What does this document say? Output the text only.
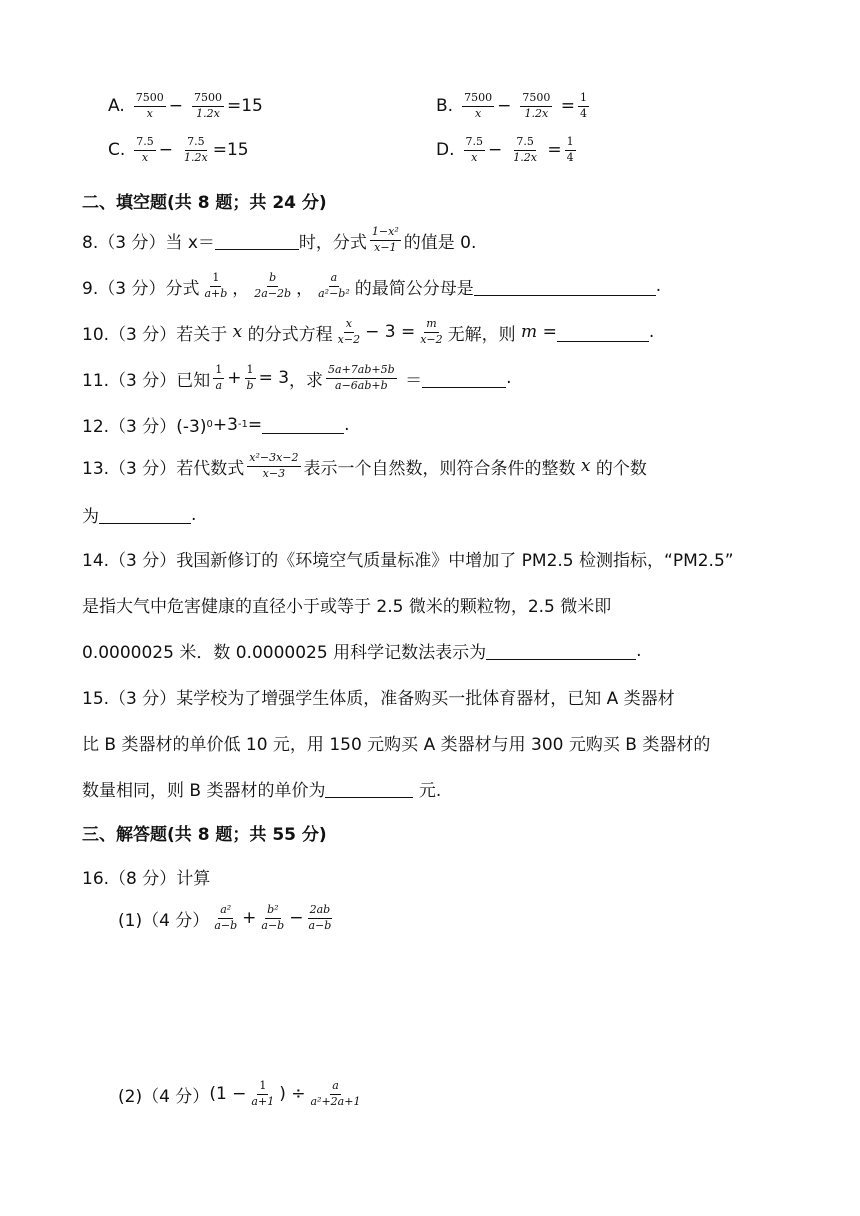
A. $\frac{7500}{x} - \frac{7500}{1.2x} =15$	B. $\frac{7500}{x} - \frac{7500}{1.2x} = \frac{1}{4}$
C. $\frac{7.5}{x} - \frac{7.5}{1.2x} =15$	D. $\frac{7.5}{x} - \frac{7.5}{1.2x} = \frac{1}{4}$
二、填空题(共 8 题；共 24 分)
8.（3 分）当 x＝	时，分式 $\frac{\text{1−x²}}{x-1}$ 的值是 0.
9.（3 分）分式 $\frac{1}{a+b}$ ， $\frac{b}{2a-2b}$ ， $\frac{a}{\text{a²−b²}}$ 的最简公分母是	.
10.（3 分）若关于
x
的分式方程 $\frac{x}{x-2} - 3 = \frac{m}{x-2}$ 无解，则
m =	.
11.（3 分）已知 $\frac{1}{a} + \frac{1}{b} = 3$ ，求 $\frac{5a+7ab+5b}{a-6ab+b}$ ＝	.
12.（3 分）(-3) 0 +3 -1 =	.
13.（3 分）若代数式 $\frac{\text{x²−3x−2}}{x-3}$ 表示一个自然数，则符合条件的整数
x
的个数
为	.
14.（3 分）我国新修订的《环境空气质量标准》中增加了 PM2.5 检测指标，“PM2.5”
是指大气中危害健康的直径小于或等于 2.5 微米的颗粒物，2.5 微米即
0.0000025 米．数 0.0000025 用科学记数法表示为	.
15.（3 分）某学校为了增强学生体质，准备购买一批体育器材，已知 A 类器材
比 B 类器材的单价低 10 元，用 150 元购买 A 类器材与用 300 元购买 B 类器材的
数量相同，则 B 类器材的单价为
	元.
三、解答题(共 8 题；共 55 分)
16.（8 分）计算
(1)（4 分） $\frac{\text{a²}}{a-b} + \frac{\text{b²}}{a-b} - \frac{2ab}{a-b}$
(2)（4 分） ($1 - \frac{1}{a+1}$ ) ÷ $\frac{a}{\text{a²+2a+1}}$
